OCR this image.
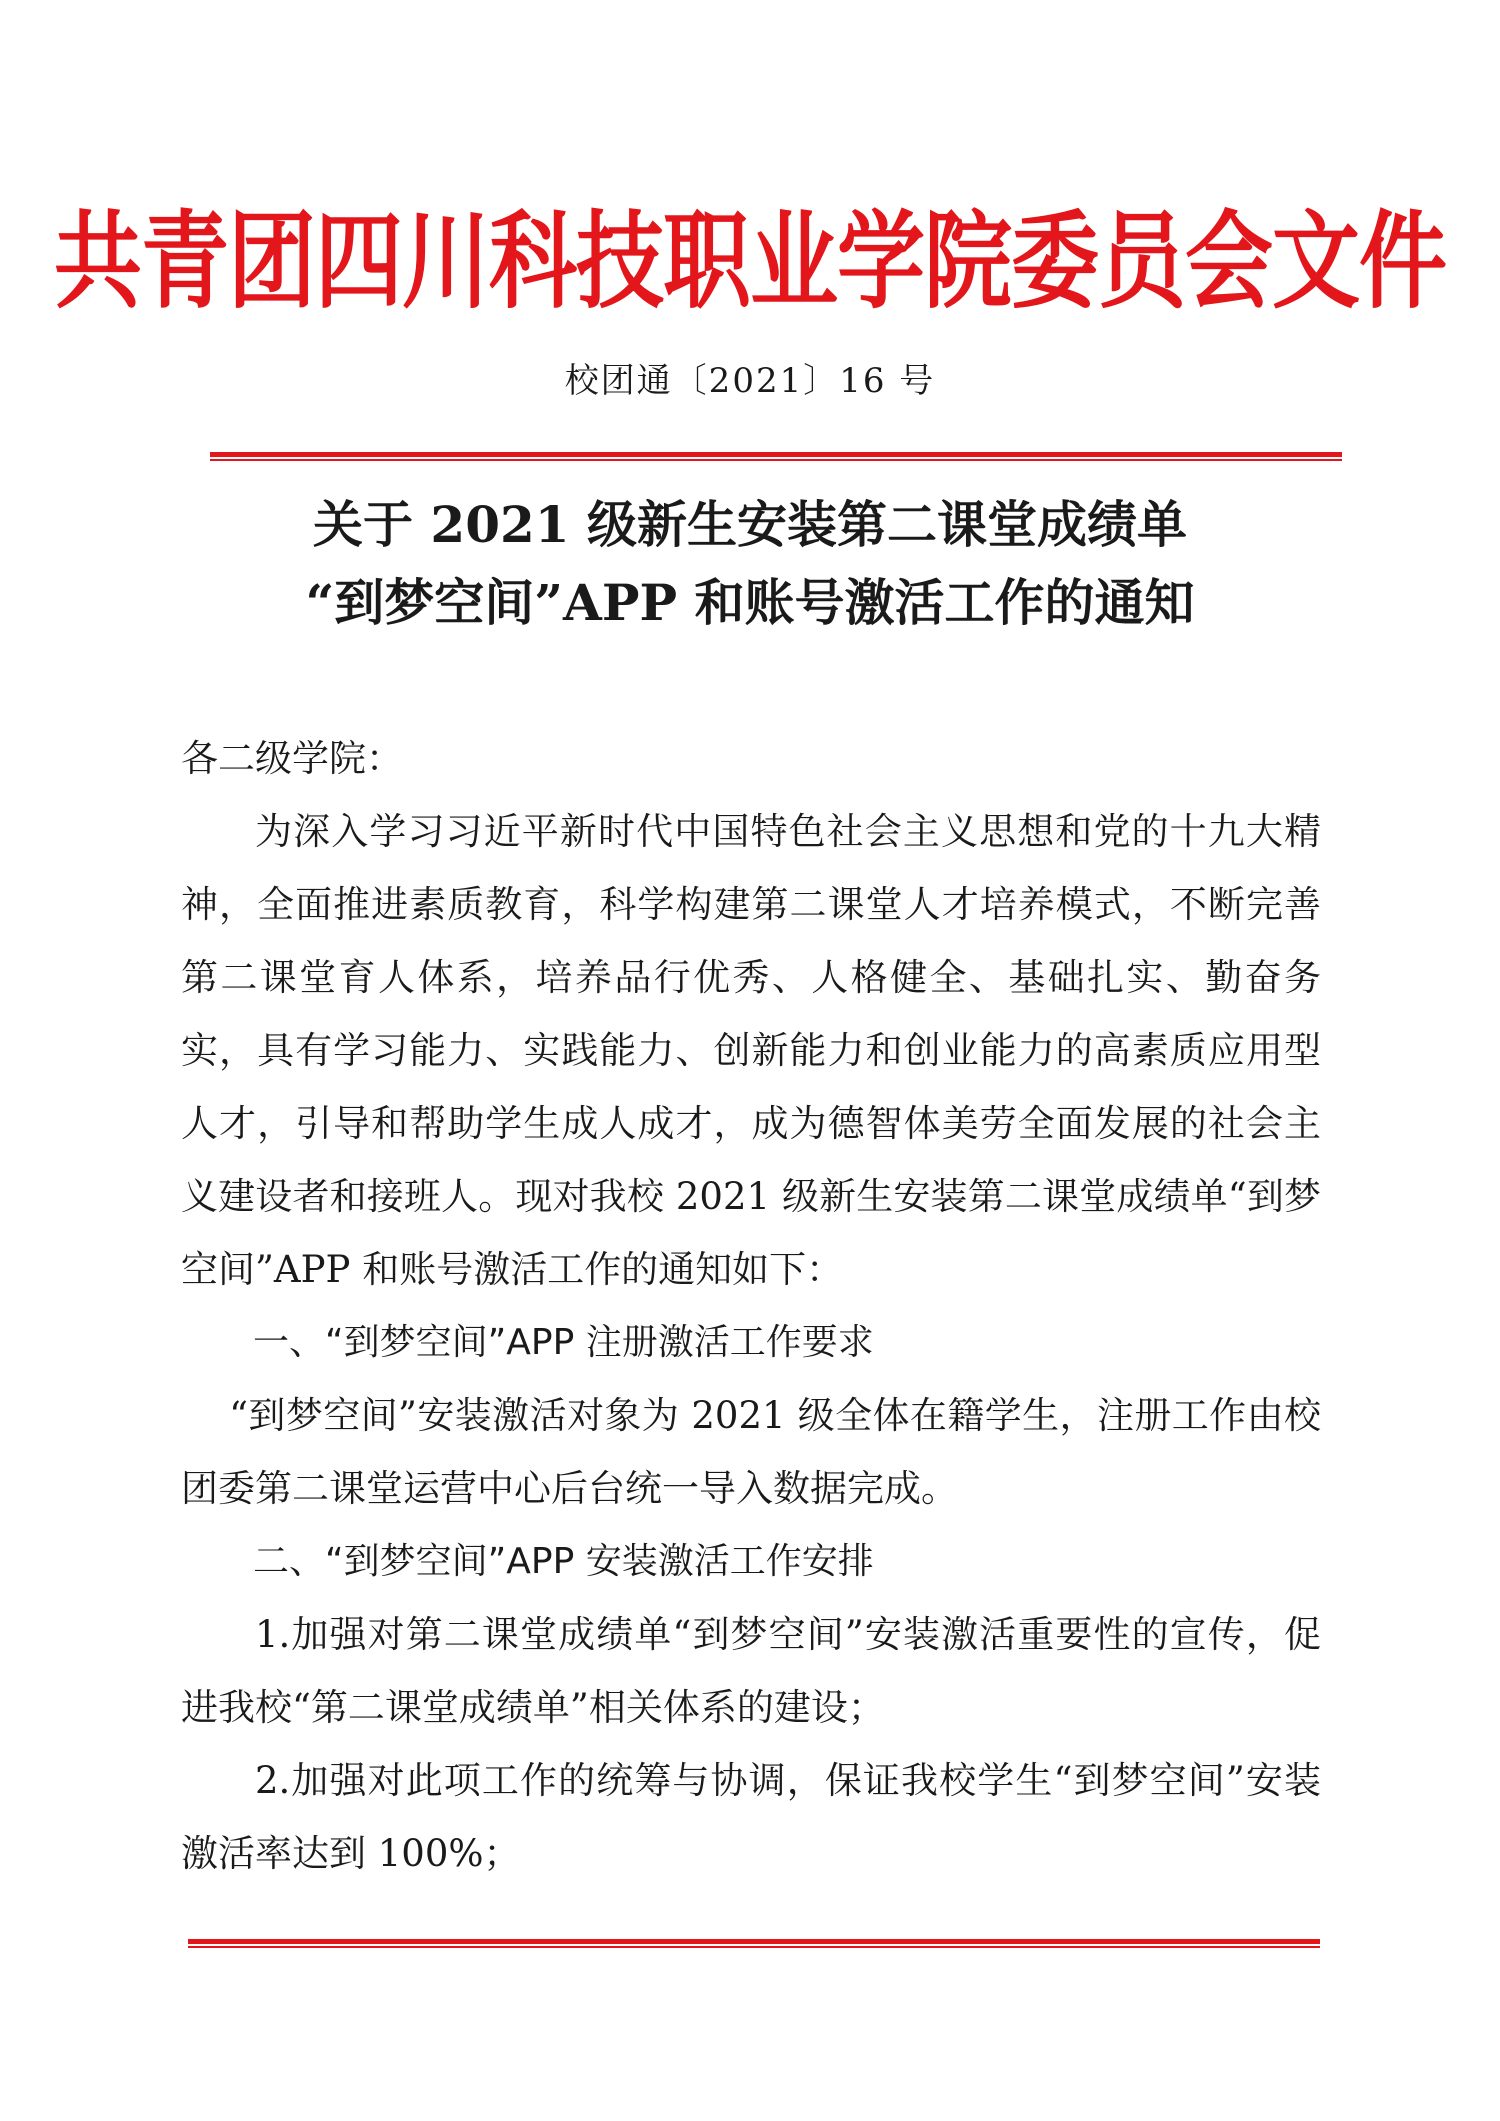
共青团四川科技职业学院委员会文件
校团通〔2021〕16 号
关于 2021 级新生安装第二课堂成绩单
“到梦空间”APP 和账号激活工作的通知

各二级学院：

为深入学习习近平新时代中国特色社会主义思想和党的十九大精神，全面推进素质教育，科学构建第二课堂人才培养模式，不断完善第二课堂育人体系，培养品行优秀、人格健全、基础扎实、勤奋务实，具有学习能力、实践能力、创新能力和创业能力的高素质应用型人才，引导和帮助学生成人成才，成为德智体美劳全面发展的社会主义建设者和接班人。现对我校 2021 级新生安装第二课堂成绩单“到梦空间”APP 和账号激活工作的通知如下：

一、“到梦空间”APP 注册激活工作要求

“到梦空间”安装激活对象为 2021 级全体在籍学生，注册工作由校团委第二课堂运营中心后台统一导入数据完成。

二、“到梦空间”APP 安装激活工作安排

1.加强对第二课堂成绩单“到梦空间”安装激活重要性的宣传，促进我校“第二课堂成绩单”相关体系的建设；

2.加强对此项工作的统筹与协调，保证我校学生“到梦空间”安装激活率达到 100%；
